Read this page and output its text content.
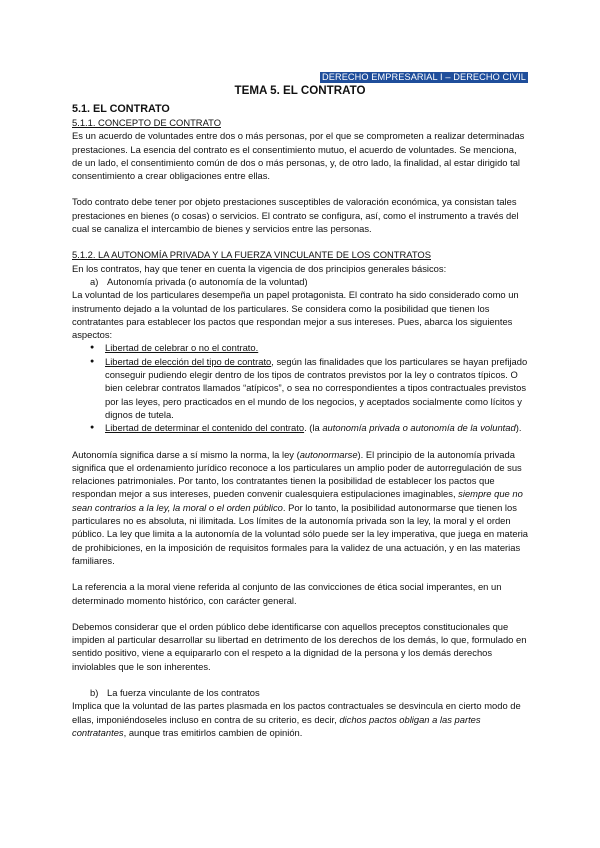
DERECHO EMPRESARIAL I – DERECHO CIVIL
TEMA 5. EL CONTRATO
5.1. EL CONTRATO
5.1.1. CONCEPTO DE CONTRATO

Es un acuerdo de voluntades entre dos o más personas, por el que se comprometen a realizar determinadas prestaciones. La esencia del contrato es el consentimiento mutuo, el acuerdo de voluntades. Se menciona, de un lado, el consentimiento común de dos o más personas, y, de otro lado, la finalidad, al estar dirigido tal consentimiento a crear obligaciones entre ellas.

Todo contrato debe tener por objeto prestaciones susceptibles de valoración económica, ya consistan tales prestaciones en bienes (o cosas) o servicios. El contrato se configura, así, como el instrumento a través del cual se canaliza el intercambio de bienes y servicios entre las personas.

5.1.2. LA AUTONOMÍA PRIVADA Y LA FUERZA VINCULANTE DE LOS CONTRATOS

En los contratos, hay que tener en cuenta la vigencia de dos principios generales básicos:

a) Autonomía privada (o autonomía de la voluntad)

La voluntad de los particulares desempeña un papel protagonista. El contrato ha sido considerado como un instrumento dejado a la voluntad de los particulares. Se considera como la posibilidad que tienen los contratantes para establecer los pactos que respondan mejor a sus intereses. Pues, abarca los siguientes aspectos:

● Libertad de celebrar o no el contrato.
● Libertad de elección del tipo de contrato, según las finalidades que los particulares se hayan prefijado conseguir pudiendo elegir dentro de los tipos de contratos previstos por la ley o contratos típicos. O bien celebrar contratos llamados “atípicos”, o sea no correspondientes a tipos contractuales previstos por las leyes, pero practicados en el mundo de los negocios, y aceptados socialmente como lícitos y dignos de tutela.
● Libertad de determinar el contenido del contrato. (la autonomía privada o autonomía de la voluntad).

Autonomía significa darse a sí mismo la norma, la ley (autonormarse). El principio de la autonomía privada significa que el ordenamiento jurídico reconoce a los particulares un amplio poder de autorregulación de sus relaciones patrimoniales. Por tanto, los contratantes tienen la posibilidad de establecer los pactos que respondan mejor a sus intereses, pueden convenir cualesquiera estipulaciones imaginables, siempre que no sean contrarios a la ley, la moral o el orden público. Por lo tanto, la posibilidad autonormarse que tienen los particulares no es absoluta, ni ilimitada. Los límites de la autonomía privada son la ley, la moral y el orden público. La ley que limita a la autonomía de la voluntad sólo puede ser la ley imperativa, que juega en materia de prohibiciones, en la imposición de requisitos formales para la validez de una actuación, y en las materias familiares.

La referencia a la moral viene referida al conjunto de las convicciones de ética social imperantes, en un determinado momento histórico, con carácter general.

Debemos considerar que el orden público debe identificarse con aquellos preceptos constitucionales que impiden al particular desarrollar su libertad en detrimento de los derechos de los demás, lo que, formulado en sentido positivo, viene a equipararlo con el respeto a la dignidad de la persona y los demás derechos inviolables que le son inherentes.

b) La fuerza vinculante de los contratos

Implica que la voluntad de las partes plasmada en los pactos contractuales se desvincula en cierto modo de ellas, imponiéndoseles incluso en contra de su criterio, es decir, dichos pactos obligan a las partes contratantes, aunque tras emitirlos cambien de opinión.
